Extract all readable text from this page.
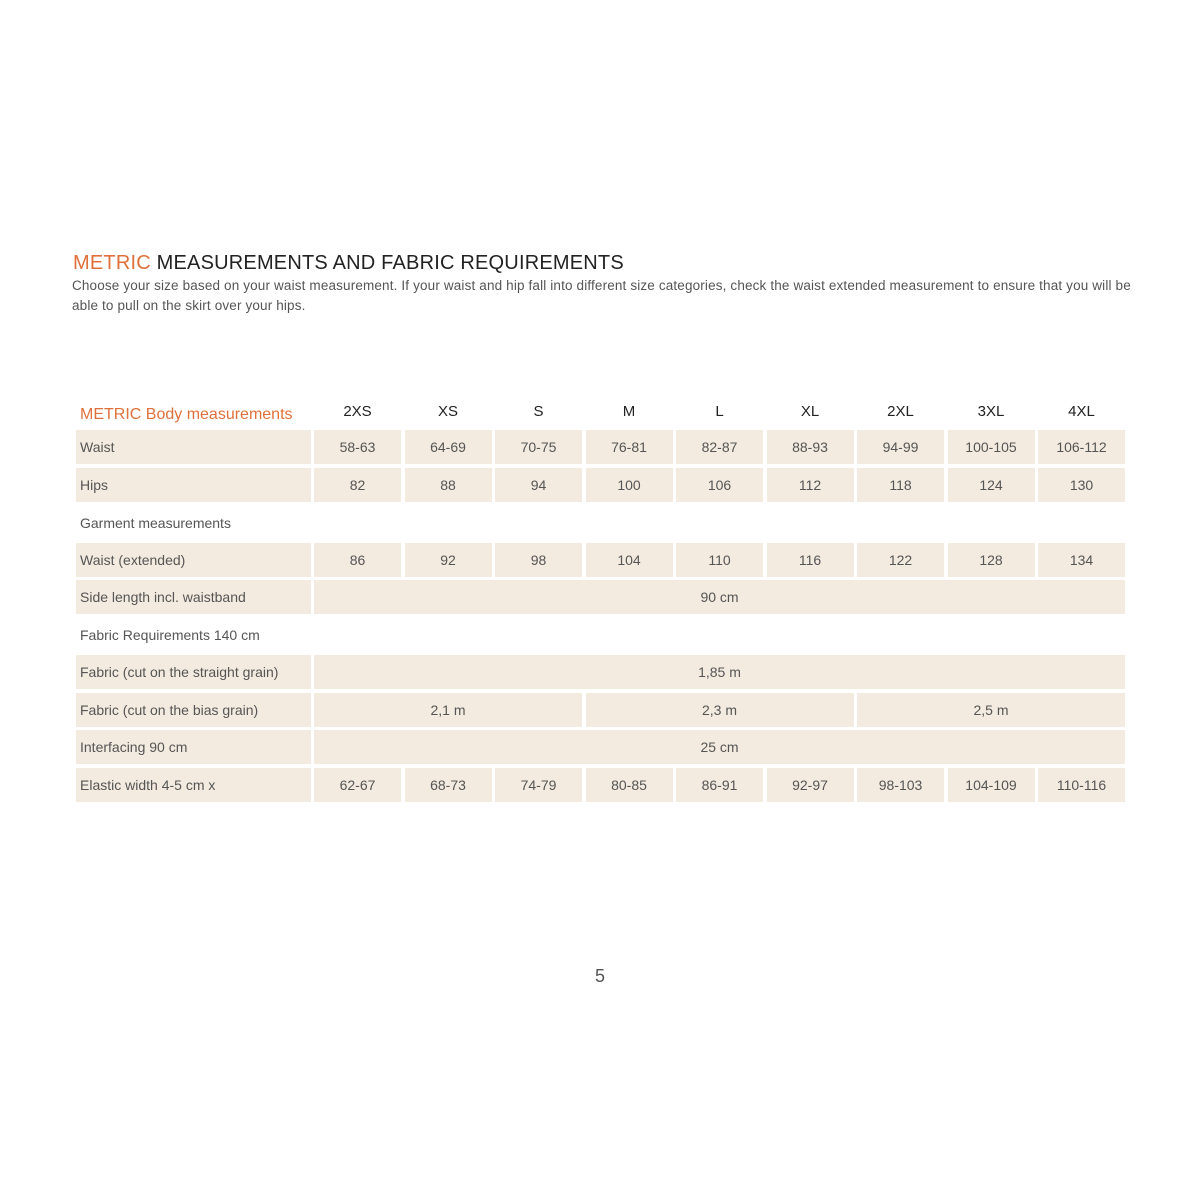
METRIC MEASUREMENTS AND FABRIC REQUIREMENTS
Choose your size based on your waist measurement. If your waist and hip fall into different size categories, check the waist extended measurement to ensure that you will be able to pull on the skirt over your hips.
METRIC Body measurements	2XS	XS	S	M	L	XL	2XL	3XL	4XL
Waist	58-63	64-69	70-75	76-81	82-87	88-93	94-99	100-105	106-112
Hips	82	88	94	100	106	112	118	124	130
Garment measurements
Waist (extended)	86	92	98	104	110	116	122	128	134
Side length incl. waistband	90 cm
Fabric Requirements 140 cm
Fabric (cut on the straight grain)	1,85 m
Fabric (cut on the bias grain)	2,1 m	2,3 m	2,5 m
Interfacing 90 cm	25 cm
Elastic width 4-5 cm x	62-67	68-73	74-79	80-85	86-91	92-97	98-103	104-109	110-116
5
